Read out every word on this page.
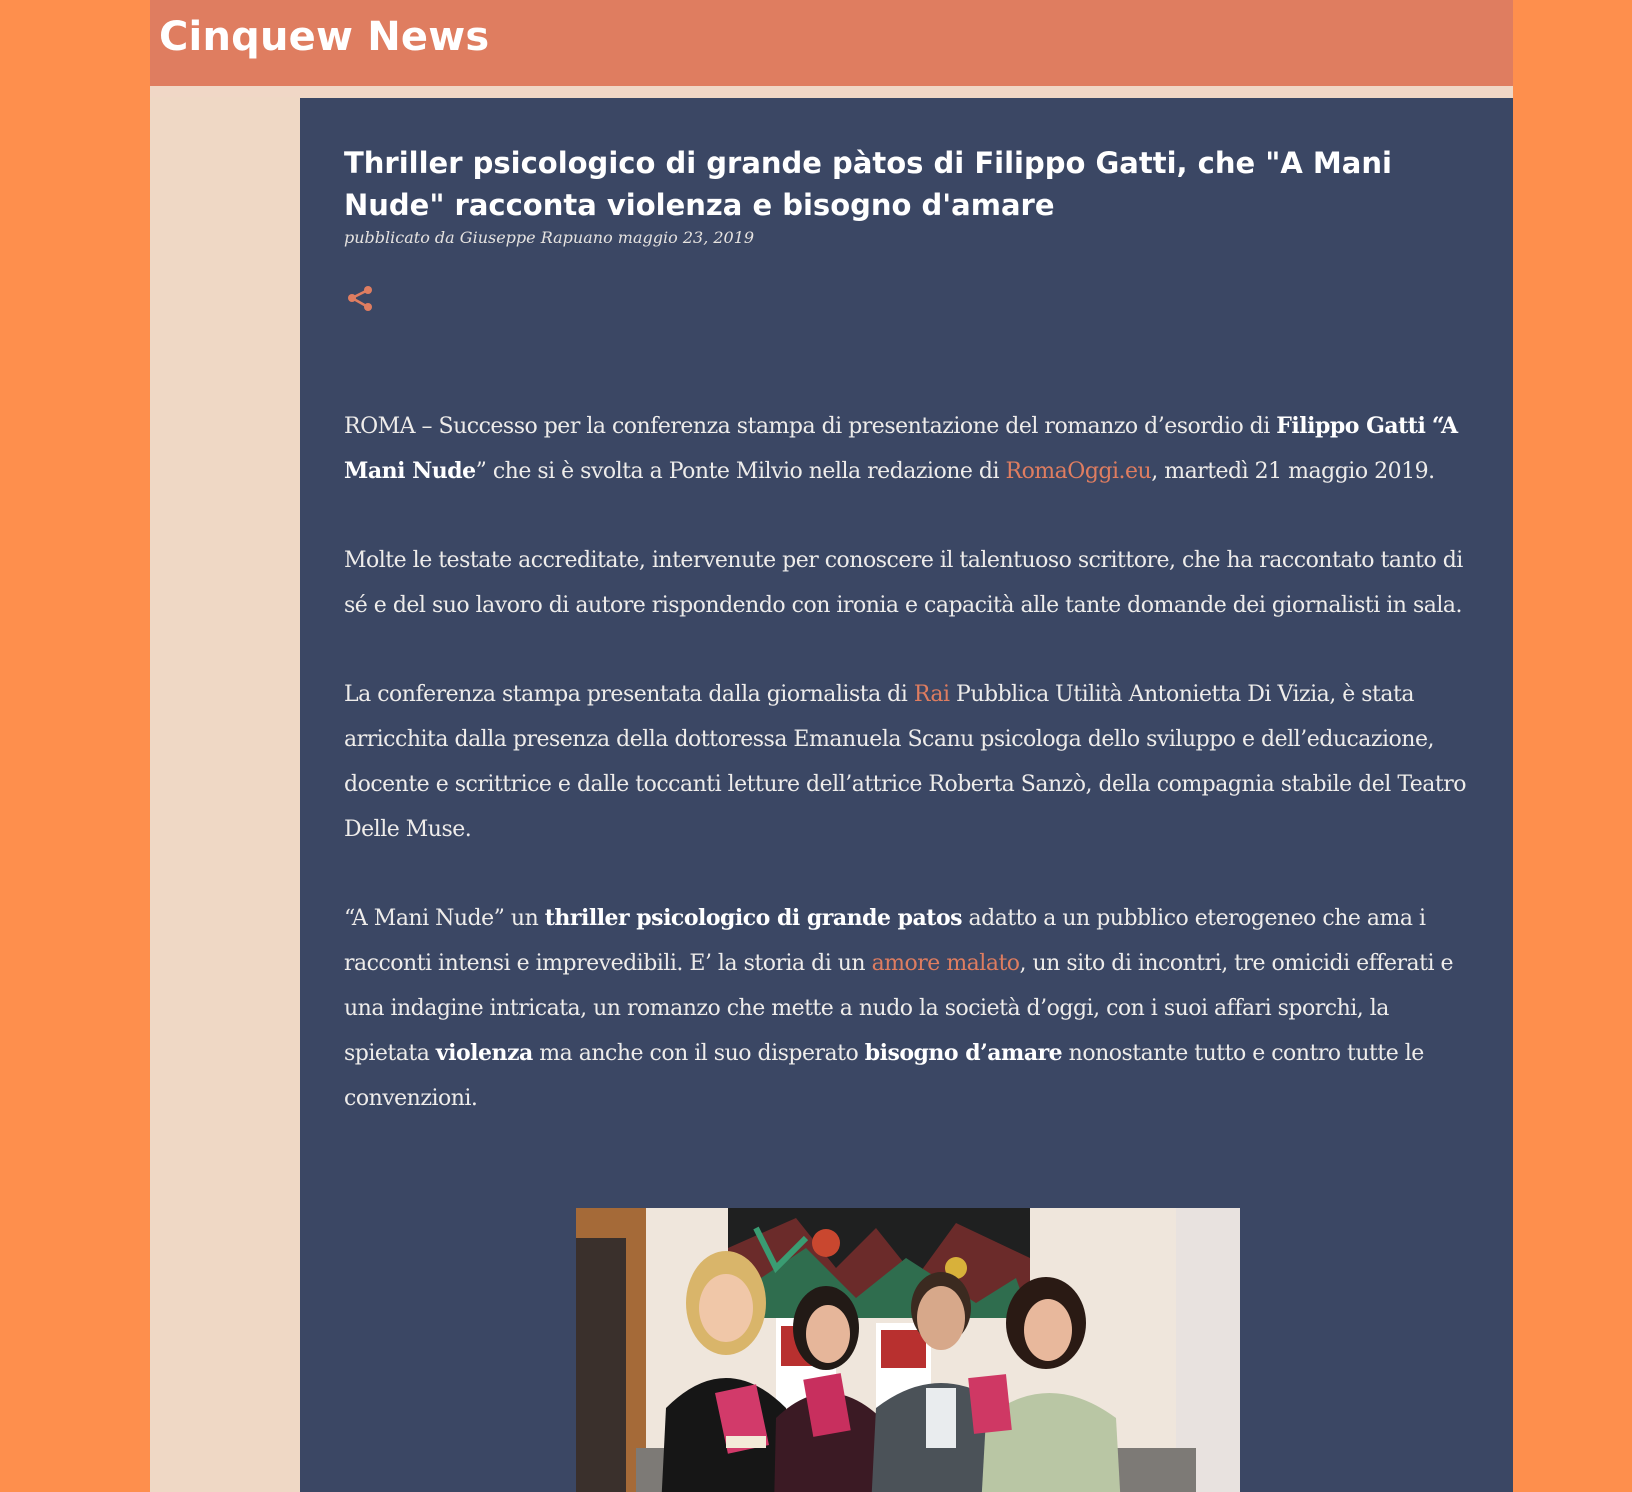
Cinquew News
Thriller psicologico di grande pàtos di Filippo Gatti, che "A Mani Nude" racconta violenza e bisogno d'amare
pubblicato da Giuseppe Rapuano maggio 23, 2019

ROMA – Successo per la conferenza stampa di presentazione del romanzo d’esordio di Filippo Gatti “A Mani Nude” che si è svolta a Ponte Milvio nella redazione di RomaOggi.eu, martedì 21 maggio 2019.

Molte le testate accreditate, intervenute per conoscere il talentuoso scrittore, che ha raccontato tanto di sé e del suo lavoro di autore rispondendo con ironia e capacità alle tante domande dei giornalisti in sala.

La conferenza stampa presentata dalla giornalista di Rai Pubblica Utilità Antonietta Di Vizia, è stata arricchita dalla presenza della dottoressa Emanuela Scanu psicologa dello sviluppo e dell’educazione, docente e scrittrice e dalle toccanti letture dell’attrice Roberta Sanzò, della compagnia stabile del Teatro Delle Muse.

“A Mani Nude” un thriller psicologico di grande patos adatto a un pubblico eterogeneo che ama i racconti intensi e imprevedibili. E’ la storia di un amore malato, un sito di incontri, tre omicidi efferati e una indagine intricata, un romanzo che mette a nudo la società d’oggi, con i suoi affari sporchi, la spietata violenza ma anche con il suo disperato bisogno d’amare nonostante tutto e contro tutte le convenzioni.
